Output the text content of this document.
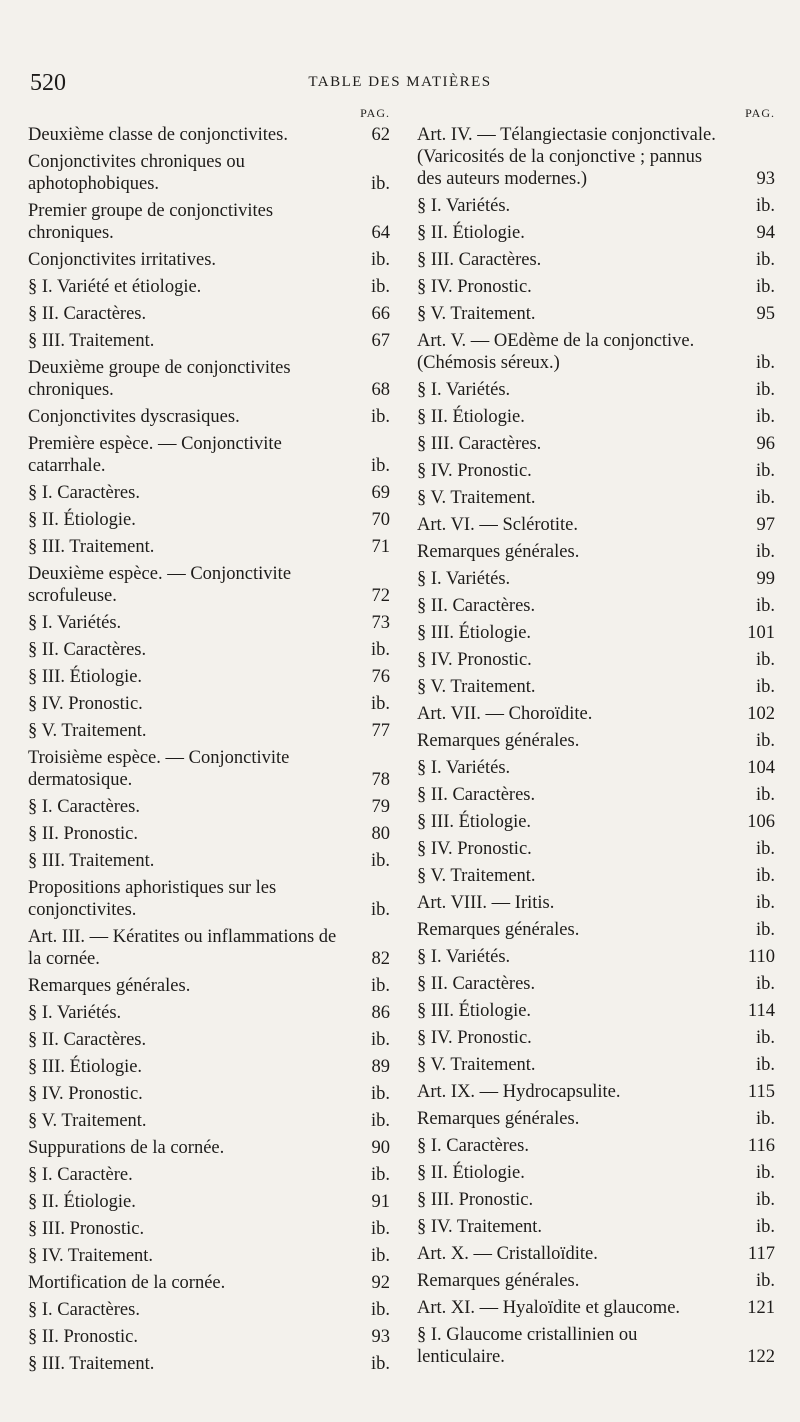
520	TABLE DES MATIÈRES
PAG.
Deuxième classe de conjonctivites.	62
Conjonctivites chroniques ou aphotophobiques.	ib.
Premier groupe de conjonctivites chroniques.	64
Conjonctivites irritatives.	ib.
§ I. Variété et étiologie.	ib.
§ II. Caractères.	66
§ III. Traitement.	67
Deuxième groupe de conjonctivites chroniques.	68
Conjonctivites dyscrasiques.	ib.
Première espèce. — Conjonctivite catarrhale.	ib.
§ I. Caractères.	69
§ II. Étiologie.	70
§ III. Traitement.	71
Deuxième espèce. — Conjonctivite scrofuleuse.	72
§ I. Variétés.	73
§ II. Caractères.	ib.
§ III. Étiologie.	76
§ IV. Pronostic.	ib.
§ V. Traitement.	77
Troisième espèce. — Conjonctivite dermatosique.	78
§ I. Caractères.	79
§ II. Pronostic.	80
§ III. Traitement.	ib.
Propositions aphoristiques sur les conjonctivites.	ib.
Art. III. — Kératites ou inflammations de la cornée.	82
Remarques générales.	ib.
§ I. Variétés.	86
§ II. Caractères.	ib.
§ III. Étiologie.	89
§ IV. Pronostic.	ib.
§ V. Traitement.	ib.
Suppurations de la cornée.	90
§ I. Caractère.	ib.
§ II. Étiologie.	91
§ III. Pronostic.	ib.
§ IV. Traitement.	ib.
Mortification de la cornée.	92
§ I. Caractères.	ib.
§ II. Pronostic.	93
§ III. Traitement.	ib.
PAG.
Art. IV. — Télangiectasie conjonctivale. (Varicosités de la conjonctive ; pannus des auteurs modernes.)	93
§ I. Variétés.	ib.
§ II. Étiologie.	94
§ III. Caractères.	ib.
§ IV. Pronostic.	ib.
§ V. Traitement.	95
Art. V. — OEdème de la conjonctive. (Chémosis séreux.)	ib.
§ I. Variétés.	ib.
§ II. Étiologie.	ib.
§ III. Caractères.	96
§ IV. Pronostic.	ib.
§ V. Traitement.	ib.
Art. VI. — Sclérotite.	97
Remarques générales.	ib.
§ I. Variétés.	99
§ II. Caractères.	ib.
§ III. Étiologie.	101
§ IV. Pronostic.	ib.
§ V. Traitement.	ib.
Art. VII. — Choroïdite.	102
Remarques générales.	ib.
§ I. Variétés.	104
§ II. Caractères.	ib.
§ III. Étiologie.	106
§ IV. Pronostic.	ib.
§ V. Traitement.	ib.
Art. VIII. — Iritis.	ib.
Remarques générales.	ib.
§ I. Variétés.	110
§ II. Caractères.	ib.
§ III. Étiologie.	114
§ IV. Pronostic.	ib.
§ V. Traitement.	ib.
Art. IX. — Hydrocapsulite.	115
Remarques générales.	ib.
§ I. Caractères.	116
§ II. Étiologie.	ib.
§ III. Pronostic.	ib.
§ IV. Traitement.	ib.
Art. X. — Cristalloïdite.	117
Remarques générales.	ib.
Art. XI. — Hyaloïdite et glaucome.	121
§ I. Glaucome cristallinien ou lenticulaire.	122
